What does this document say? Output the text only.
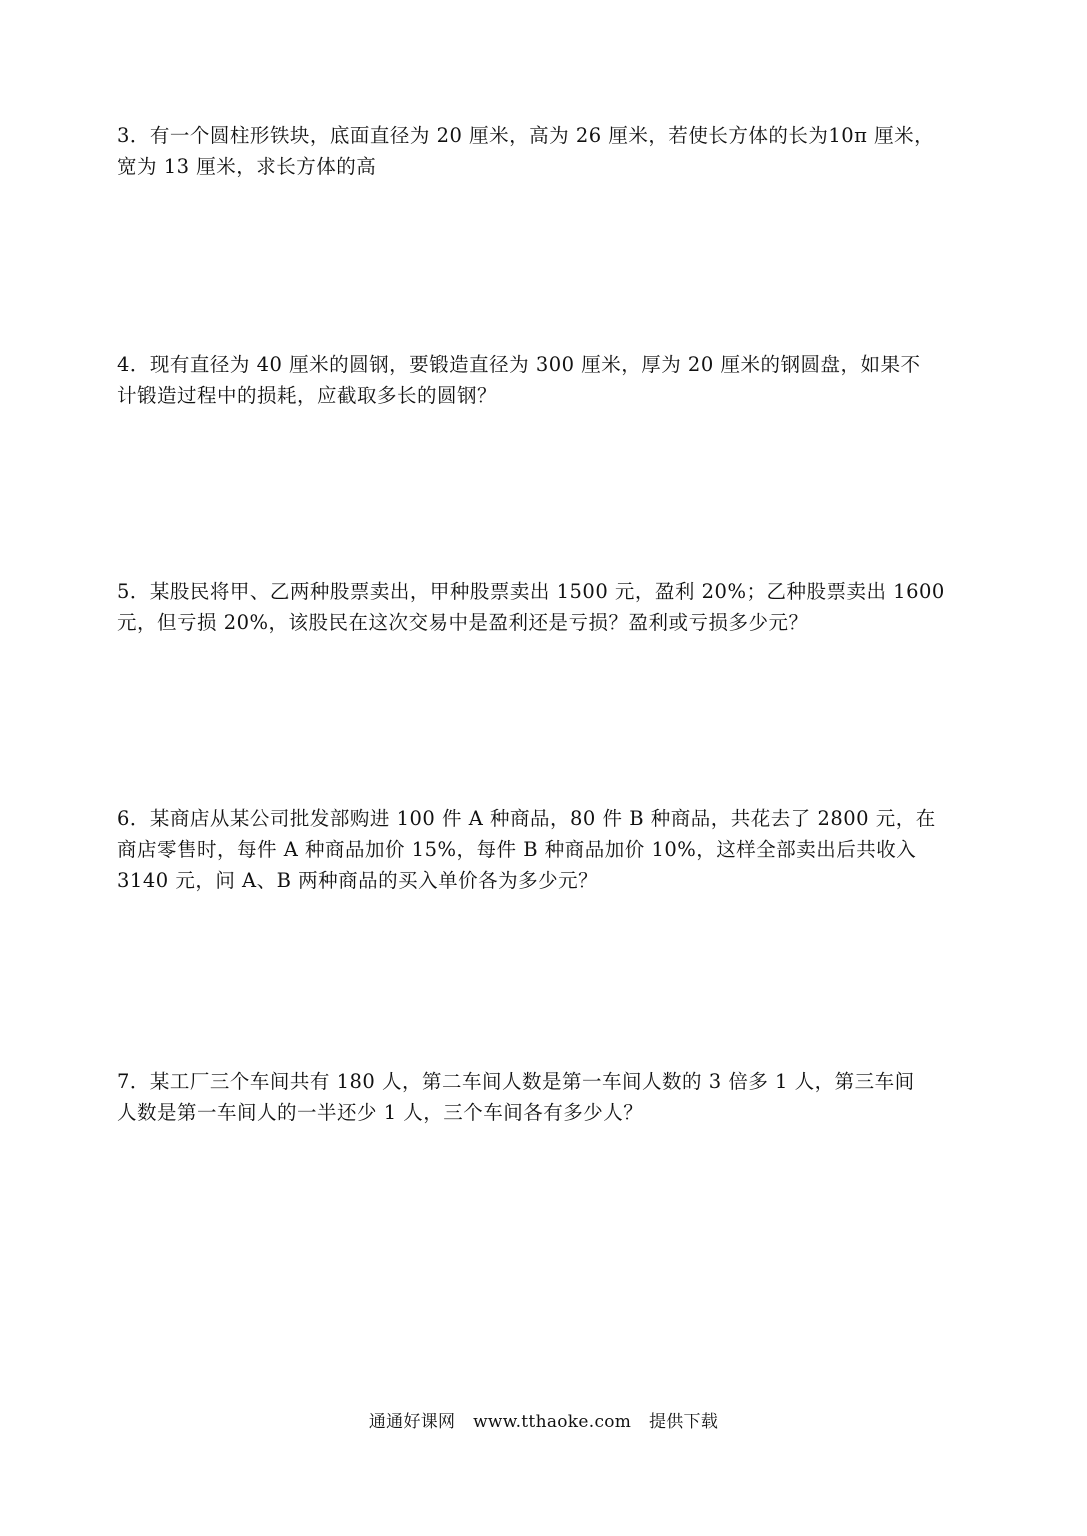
3．有一个圆柱形铁块，底面直径为 20 厘米，高为 26 厘米，若使长方体的长为10π 厘米，

宽为 13 厘米，求长方体的高

4．现有直径为 40 厘米的圆钢，要锻造直径为 300 厘米，厚为 20 厘米的钢圆盘，如果不

计锻造过程中的损耗，应截取多长的圆钢？

5．某股民将甲、乙两种股票卖出，甲种股票卖出 1500 元，盈利 20%；乙种股票卖出 1600

元，但亏损 20%，该股民在这次交易中是盈利还是亏损？盈利或亏损多少元？

6．某商店从某公司批发部购进 100 件 A 种商品，80 件 B 种商品，共花去了 2800 元，在

商店零售时，每件 A 种商品加价 15%，每件 B 种商品加价 10%，这样全部卖出后共收入

3140 元，问 A、B 两种商品的买入单价各为多少元？

7．某工厂三个车间共有 180 人，第二车间人数是第一车间人数的 3 倍多 1 人，第三车间

人数是第一车间人的一半还少 1 人，三个车间各有多少人？

通通好课网 www.tthaoke.com 提供下载
